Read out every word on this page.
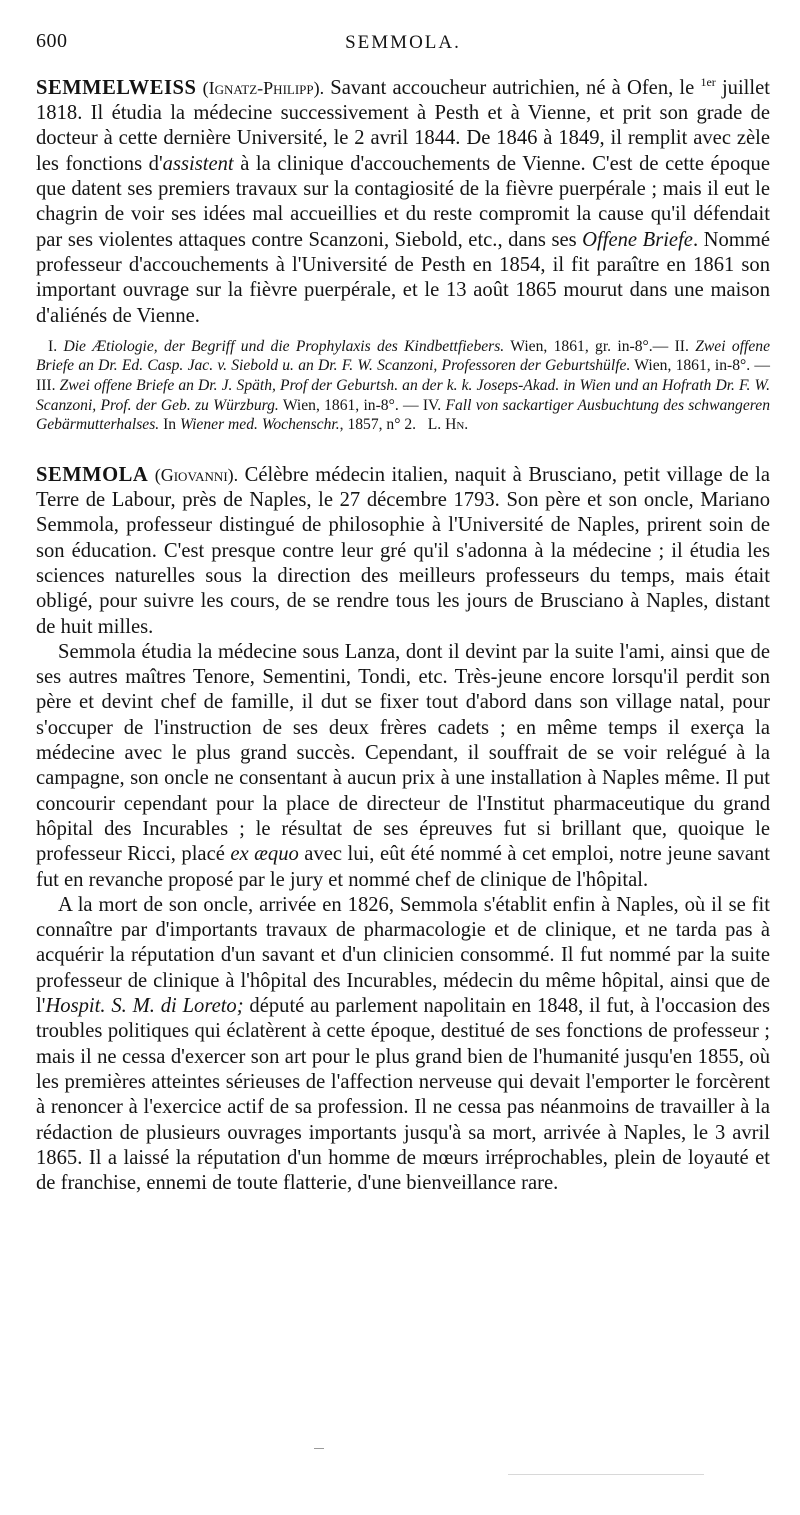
600	SEMMOLA.

SEMMELWEISS (Ignatz-Philipp). Savant accoucheur autrichien, né à Ofen, le $^{1er}$ juillet 1818. Il étudia la médecine successivement à Pesth et à Vienne, et prit son grade de docteur à cette dernière Université, le 2 avril 1844. De 1846 à 1849, il remplit avec zèle les fonctions d'assistent à la clinique d'accouchements de Vienne. C'est de cette époque que datent ses premiers travaux sur la contagiosité de la fièvre puerpérale ; mais il eut le chagrin de voir ses idées mal accueillies et du reste compromit la cause qu'il défendait par ses violentes attaques contre Scanzoni, Siebold, etc., dans ses Offene Briefe. Nommé professeur d'accouchements à l'Université de Pesth en 1854, il fit paraître en 1861 son important ouvrage sur la fièvre puerpérale, et le 13 août 1865 mourut dans une maison d'aliénés de Vienne.

I. Die Ætiologie, der Begriff und die Prophylaxis des Kindbettfiebers. Wien, 1861, gr. in-8°.— II. Zwei offene Briefe an Dr. Ed. Casp. Jac. v. Siebold u. an Dr. F. W. Scanzoni, Professoren der Geburtshülfe. Wien, 1861, in-8°. — III. Zwei offene Briefe an Dr. J. Späth, Prof der Geburtsh. an der k. k. Joseps-Akad. in Wien und an Hofrath Dr. F. W. Scanzoni, Prof. der Geb. zu Würzburg. Wien, 1861, in-8°. — IV. Fall von sackartiger Ausbuchtung des schwangeren Gebärmutterhalses. In Wiener med. Wochenschr., 1857, n° 2. L. Hn.

SEMMOLA (Giovanni). Célèbre médecin italien, naquit à Brusciano, petit village de la Terre de Labour, près de Naples, le 27 décembre 1793. Son père et son oncle, Mariano Semmola, professeur distingué de philosophie à l'Université de Naples, prirent soin de son éducation. C'est presque contre leur gré qu'il s'adonna à la médecine ; il étudia les sciences naturelles sous la direction des meilleurs professeurs du temps, mais était obligé, pour suivre les cours, de se rendre tous les jours de Brusciano à Naples, distant de huit milles.

Semmola étudia la médecine sous Lanza, dont il devint par la suite l'ami, ainsi que de ses autres maîtres Tenore, Sementini, Tondi, etc. Très-jeune encore lorsqu'il perdit son père et devint chef de famille, il dut se fixer tout d'abord dans son village natal, pour s'occuper de l'instruction de ses deux frères cadets ; en même temps il exerça la médecine avec le plus grand succès. Cependant, il souffrait de se voir relégué à la campagne, son oncle ne consentant à aucun prix à une installation à Naples même. Il put concourir cependant pour la place de directeur de l'Institut pharmaceutique du grand hôpital des Incurables ; le résultat de ses épreuves fut si brillant que, quoique le professeur Ricci, placé ex æquo avec lui, eût été nommé à cet emploi, notre jeune savant fut en revanche proposé par le jury et nommé chef de clinique de l'hôpital.

A la mort de son oncle, arrivée en 1826, Semmola s'établit enfin à Naples, où il se fit connaître par d'importants travaux de pharmacologie et de clinique, et ne tarda pas à acquérir la réputation d'un savant et d'un clinicien consommé. Il fut nommé par la suite professeur de clinique à l'hôpital des Incurables, médecin du même hôpital, ainsi que de l'Hospit. S. M. di Loreto; député au parlement napolitain en 1848, il fut, à l'occasion des troubles politiques qui éclatèrent à cette époque, destitué de ses fonctions de professeur ; mais il ne cessa d'exercer son art pour le plus grand bien de l'humanité jusqu'en 1855, où les premières atteintes sérieuses de l'affection nerveuse qui devait l'emporter le forcèrent à renoncer à l'exercice actif de sa profession. Il ne cessa pas néanmoins de travailler à la rédaction de plusieurs ouvrages importants jusqu'à sa mort, arrivée à Naples, le 3 avril 1865. Il a laissé la réputation d'un homme de mœurs irréprochables, plein de loyauté et de franchise, ennemi de toute flatterie, d'une bienveillance rare.
